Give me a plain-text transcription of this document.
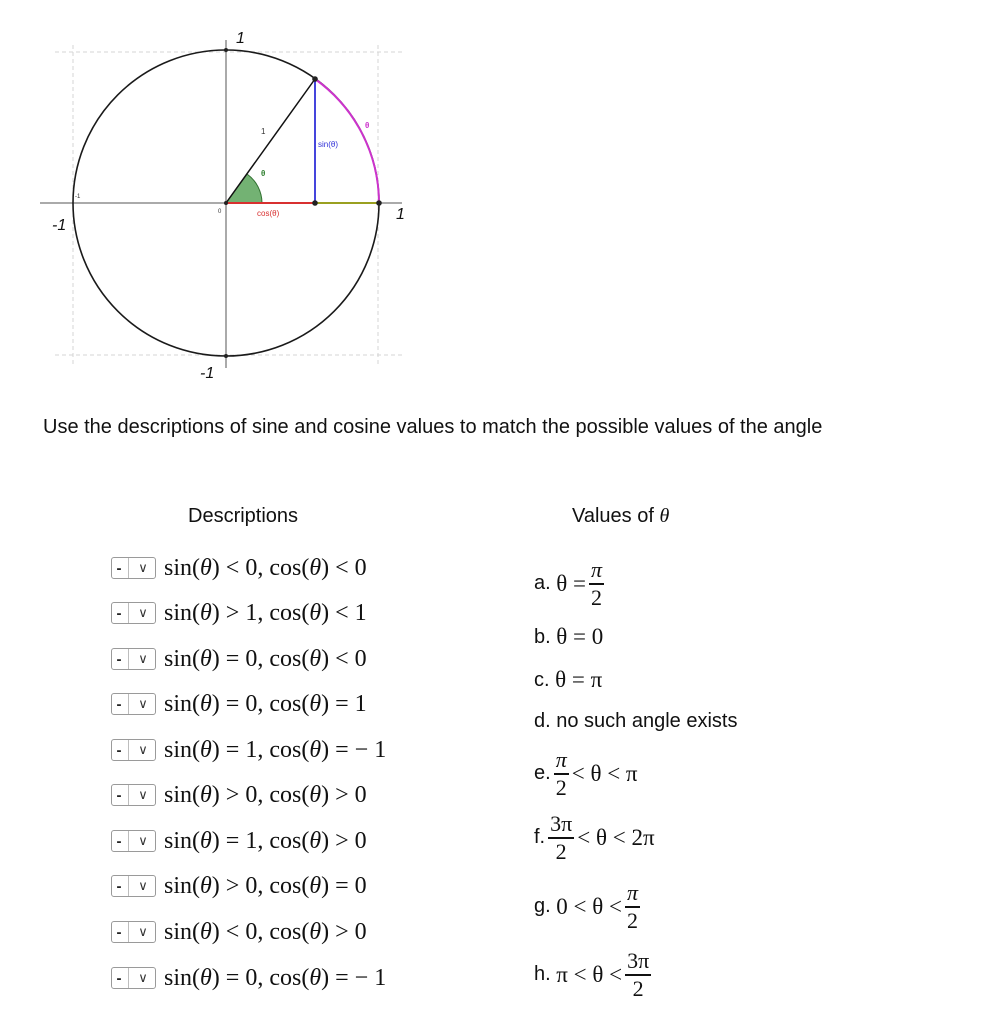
1
θ
θ
sin(θ)
cos(θ)
0
-1
1
1
-1
-1
Use the descriptions of sine and cosine values to match the possible values of the angle
Descriptions	Values of θ
-	∨ sin(θ) < 0, cos(θ) < 0
-	∨ sin(θ) > 1, cos(θ) < 1
-	∨ sin(θ) = 0, cos(θ) < 0
-	∨ sin(θ) = 0, cos(θ) = 1
-	∨ sin(θ) = 1, cos(θ) = − 1
-	∨ sin(θ) > 0, cos(θ) > 0
-	∨ sin(θ) = 1, cos(θ) > 0
-	∨ sin(θ) > 0, cos(θ) = 0
-	∨ sin(θ) < 0, cos(θ) > 0
-	∨ sin(θ) = 0, cos(θ) = − 1
a.
$\theta = \frac{\pi}{2}$
b.
θ = 0
c.
θ = π
d.
no such angle exists
e. $\frac{\pi}{2} < \theta < \pi$
f. $\frac{3\pi}{2} < \theta < 2\pi$
g.
$0 < \theta < \frac{\pi}{2}$
h.
$\pi < \theta < \frac{3\pi}{2}$
